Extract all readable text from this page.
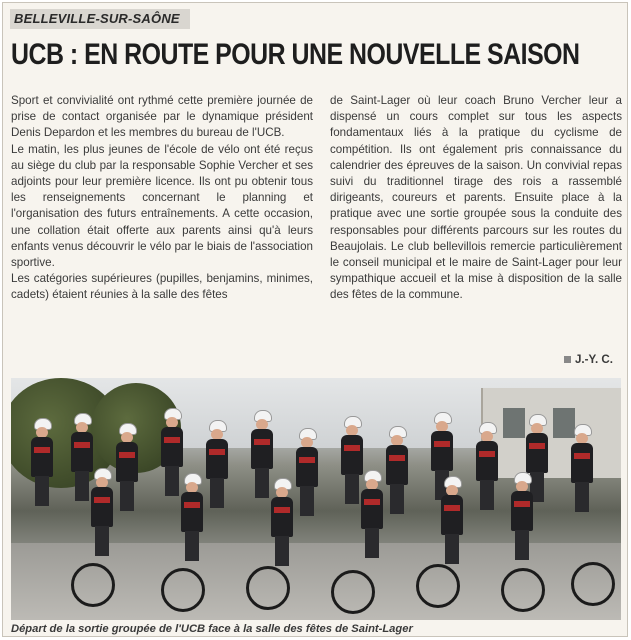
BELLEVILLE-SUR-SAÔNE
UCB : EN ROUTE POUR UNE NOUVELLE SAISON

Sport et convivialité ont rythmé cette première journée de prise de contact organisée par le dynamique président Denis Depardon et les membres du bureau de l'UCB.

Le matin, les plus jeunes de l'école de vélo ont été reçus au siège du club par la responsable Sophie Vercher et ses adjoints pour leur première licence. Ils ont pu obtenir tous les renseignements concernant le planning et l'organisation des futurs entraînements. A cette occasion, une collation était offerte aux parents ainsi qu'à leurs enfants venus découvrir le vélo par le biais de l'association sportive.

Les catégories supérieures (pupilles, benjamins, minimes, cadets) étaient réunies à la salle des fêtes

de Saint-Lager où leur coach Bruno Vercher leur a dispensé un cours complet sur tous les aspects fondamentaux liés à la pratique du cyclisme de compétition. Ils ont également pris connaissance du calendrier des épreuves de la saison. Un convivial repas suivi du traditionnel tirage des rois a rassemblé dirigeants, coureurs et parents. Ensuite place à la pratique avec une sortie groupée sous la conduite des responsables pour différents parcours sur les routes du Beaujolais. Le club bellevillois remercie particulièrement le conseil municipal et le maire de Saint-Lager pour leur sympathique accueil et la mise à disposition de la salle des fêtes de la commune.

J.-Y. C.
Départ de la sortie groupée de l'UCB face à la salle des fêtes de Saint-Lager
